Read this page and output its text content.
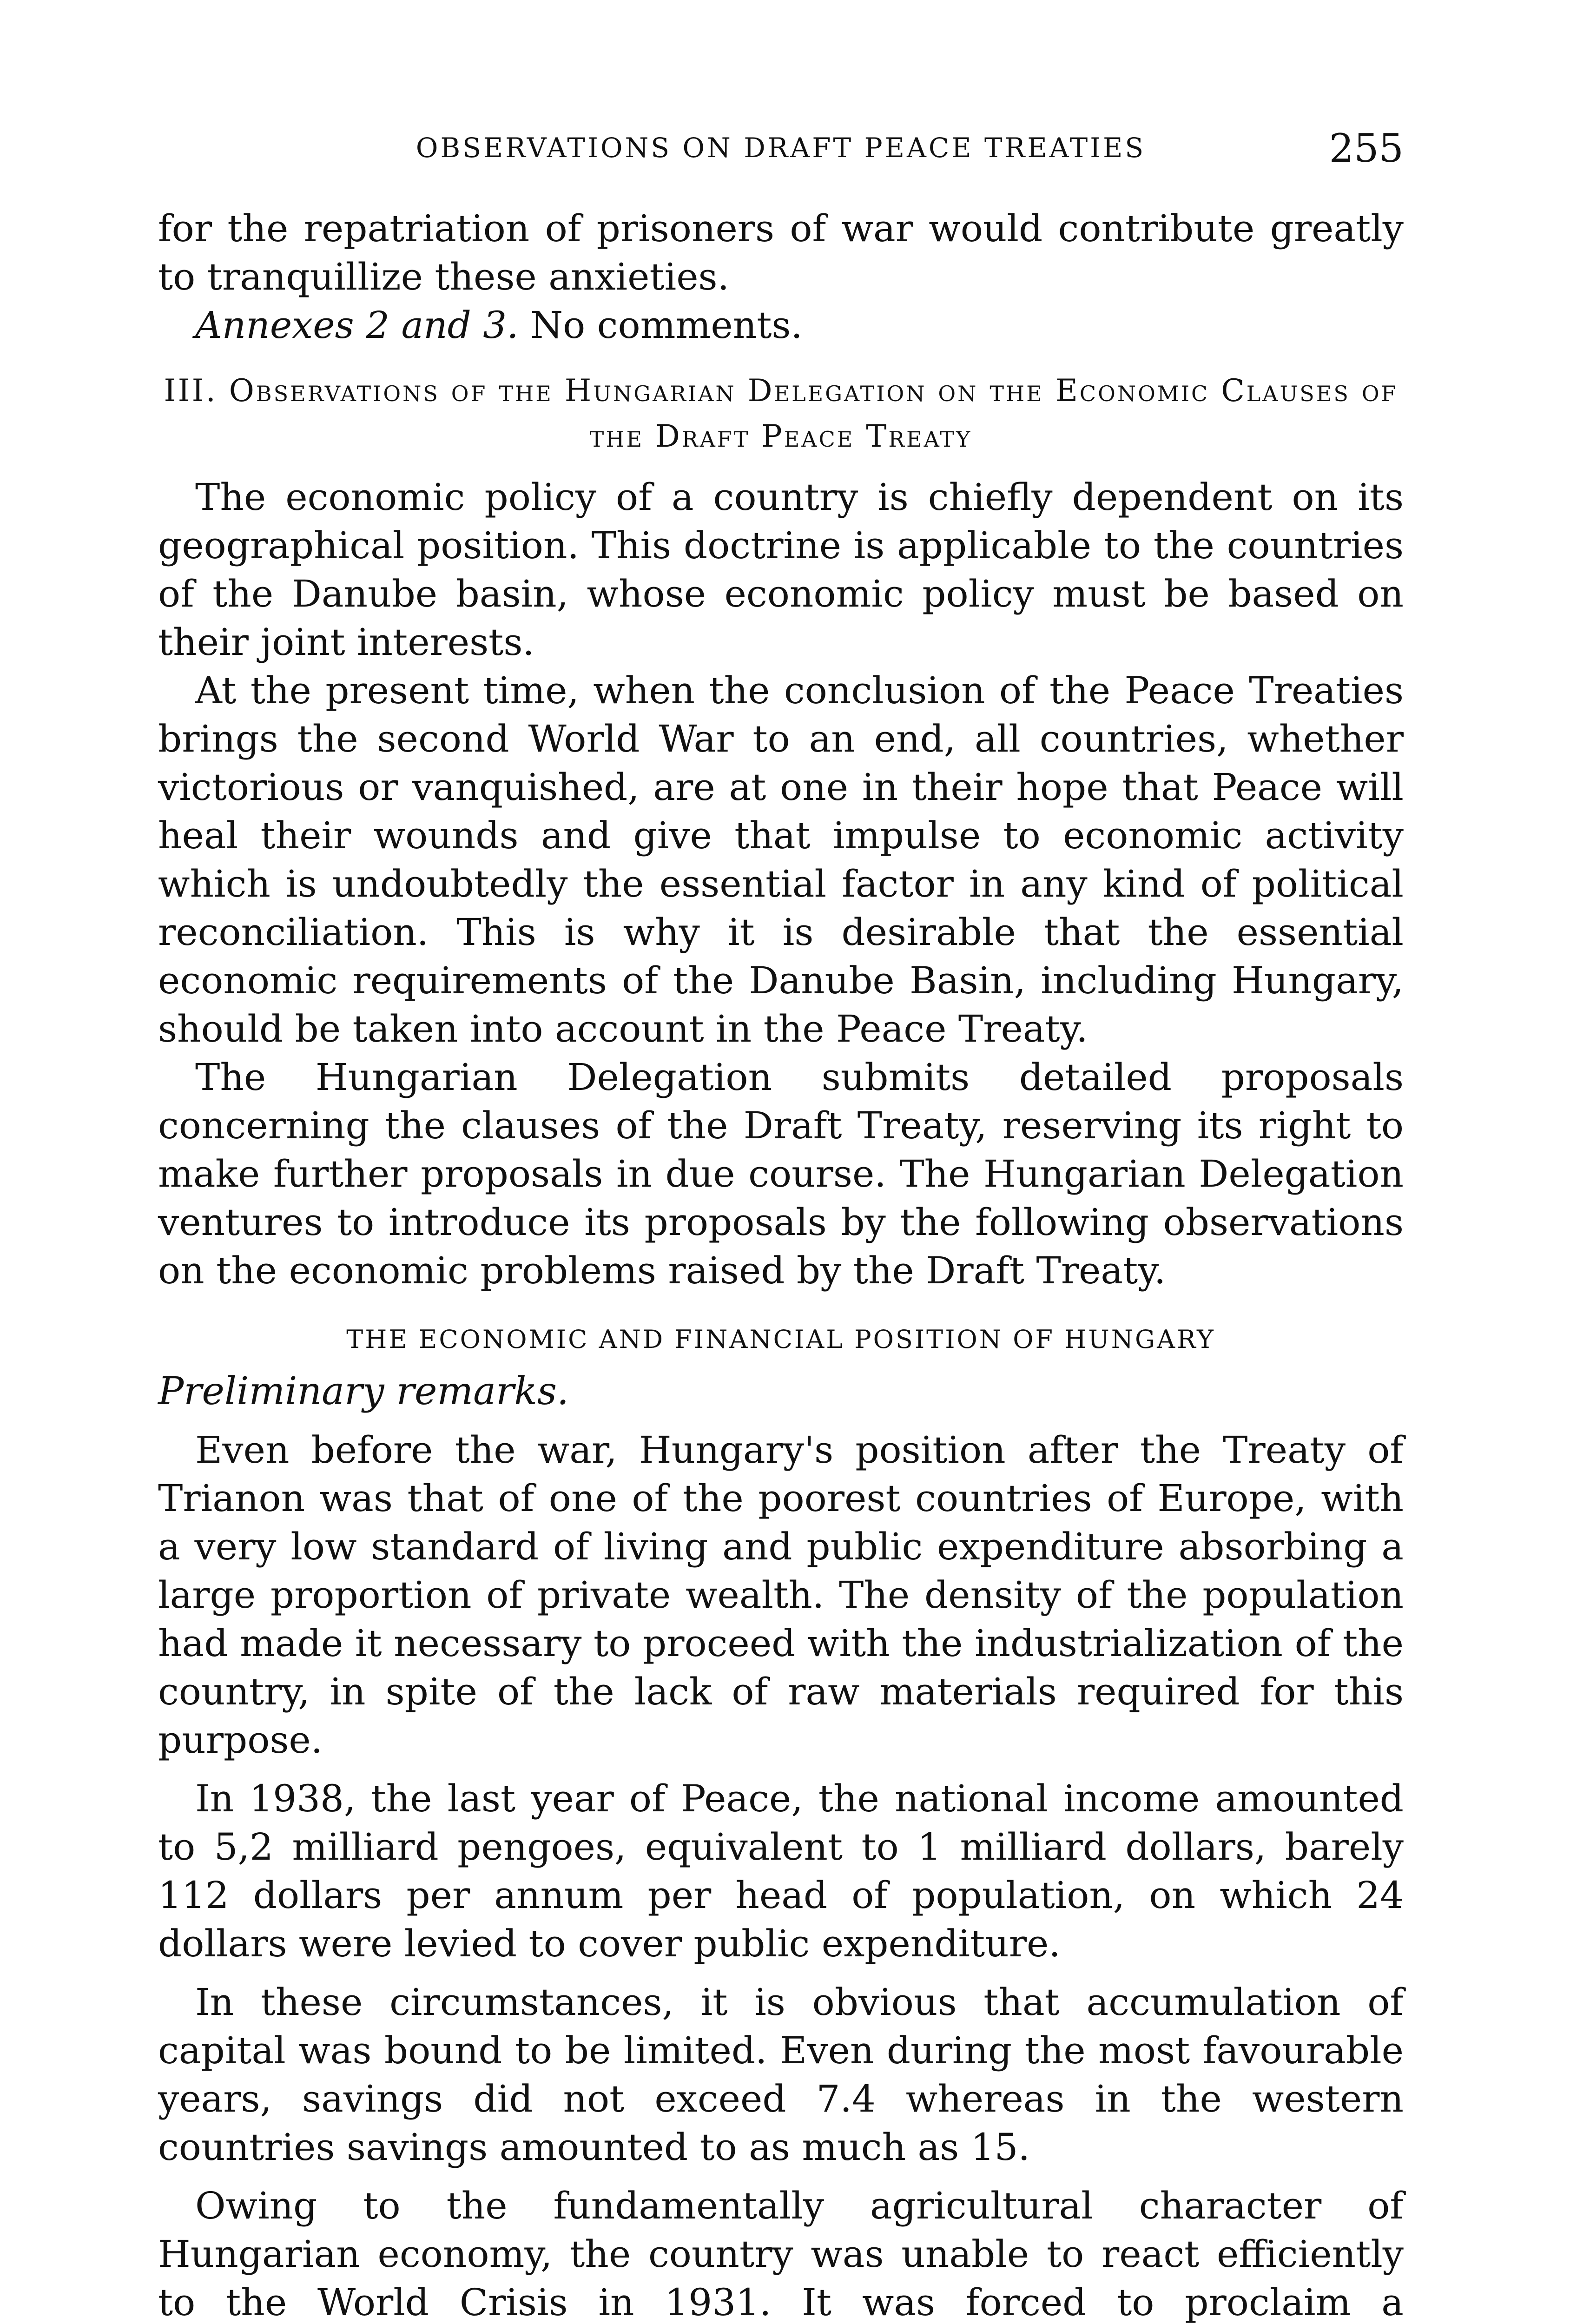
OBSERVATIONS ON DRAFT PEACE TREATIES	255

for the repatriation of prisoners of war would contribute greatly to tranquillize these anxieties.

Annexes 2 and 3. No comments.

III. Observations of the Hungarian Delegation on the Economic Clauses of the Draft Peace Treaty

The economic policy of a country is chiefly dependent on its geographical position. This doctrine is applicable to the countries of the Danube basin, whose economic policy must be based on their joint interests.

At the present time, when the conclusion of the Peace Treaties brings the second World War to an end, all countries, whether victorious or vanquished, are at one in their hope that Peace will heal their wounds and give that impulse to economic activity which is undoubtedly the essential factor in any kind of political reconciliation. This is why it is desirable that the essential economic requirements of the Danube Basin, including Hungary, should be taken into account in the Peace Treaty.

The Hungarian Delegation submits detailed proposals concerning the clauses of the Draft Treaty, reserving its right to make further proposals in due course. The Hungarian Delegation ventures to introduce its proposals by the following observations on the economic problems raised by the Draft Treaty.

THE ECONOMIC AND FINANCIAL POSITION OF HUNGARY

Preliminary remarks.

Even before the war, Hungary's position after the Treaty of Trianon was that of one of the poorest countries of Europe, with a very low standard of living and public expenditure absorbing a large proportion of private wealth. The density of the population had made it necessary to proceed with the industrialization of the country, in spite of the lack of raw materials required for this purpose.

In 1938, the last year of Peace, the national income amounted to 5,2 milliard pengoes, equivalent to 1 milliard dollars, barely 112 dollars per annum per head of population, on which 24 dollars were levied to cover public expenditure.

In these circumstances, it is obvious that accumulation of capital was bound to be limited. Even during the most favourable years, savings did not exceed 7.4 whereas in the western countries savings amounted to as much as 15.

Owing to the fundamentally agricultural character of Hungarian economy, the country was unable to react efficiently to the World Crisis in 1931. It was forced to proclaim a
